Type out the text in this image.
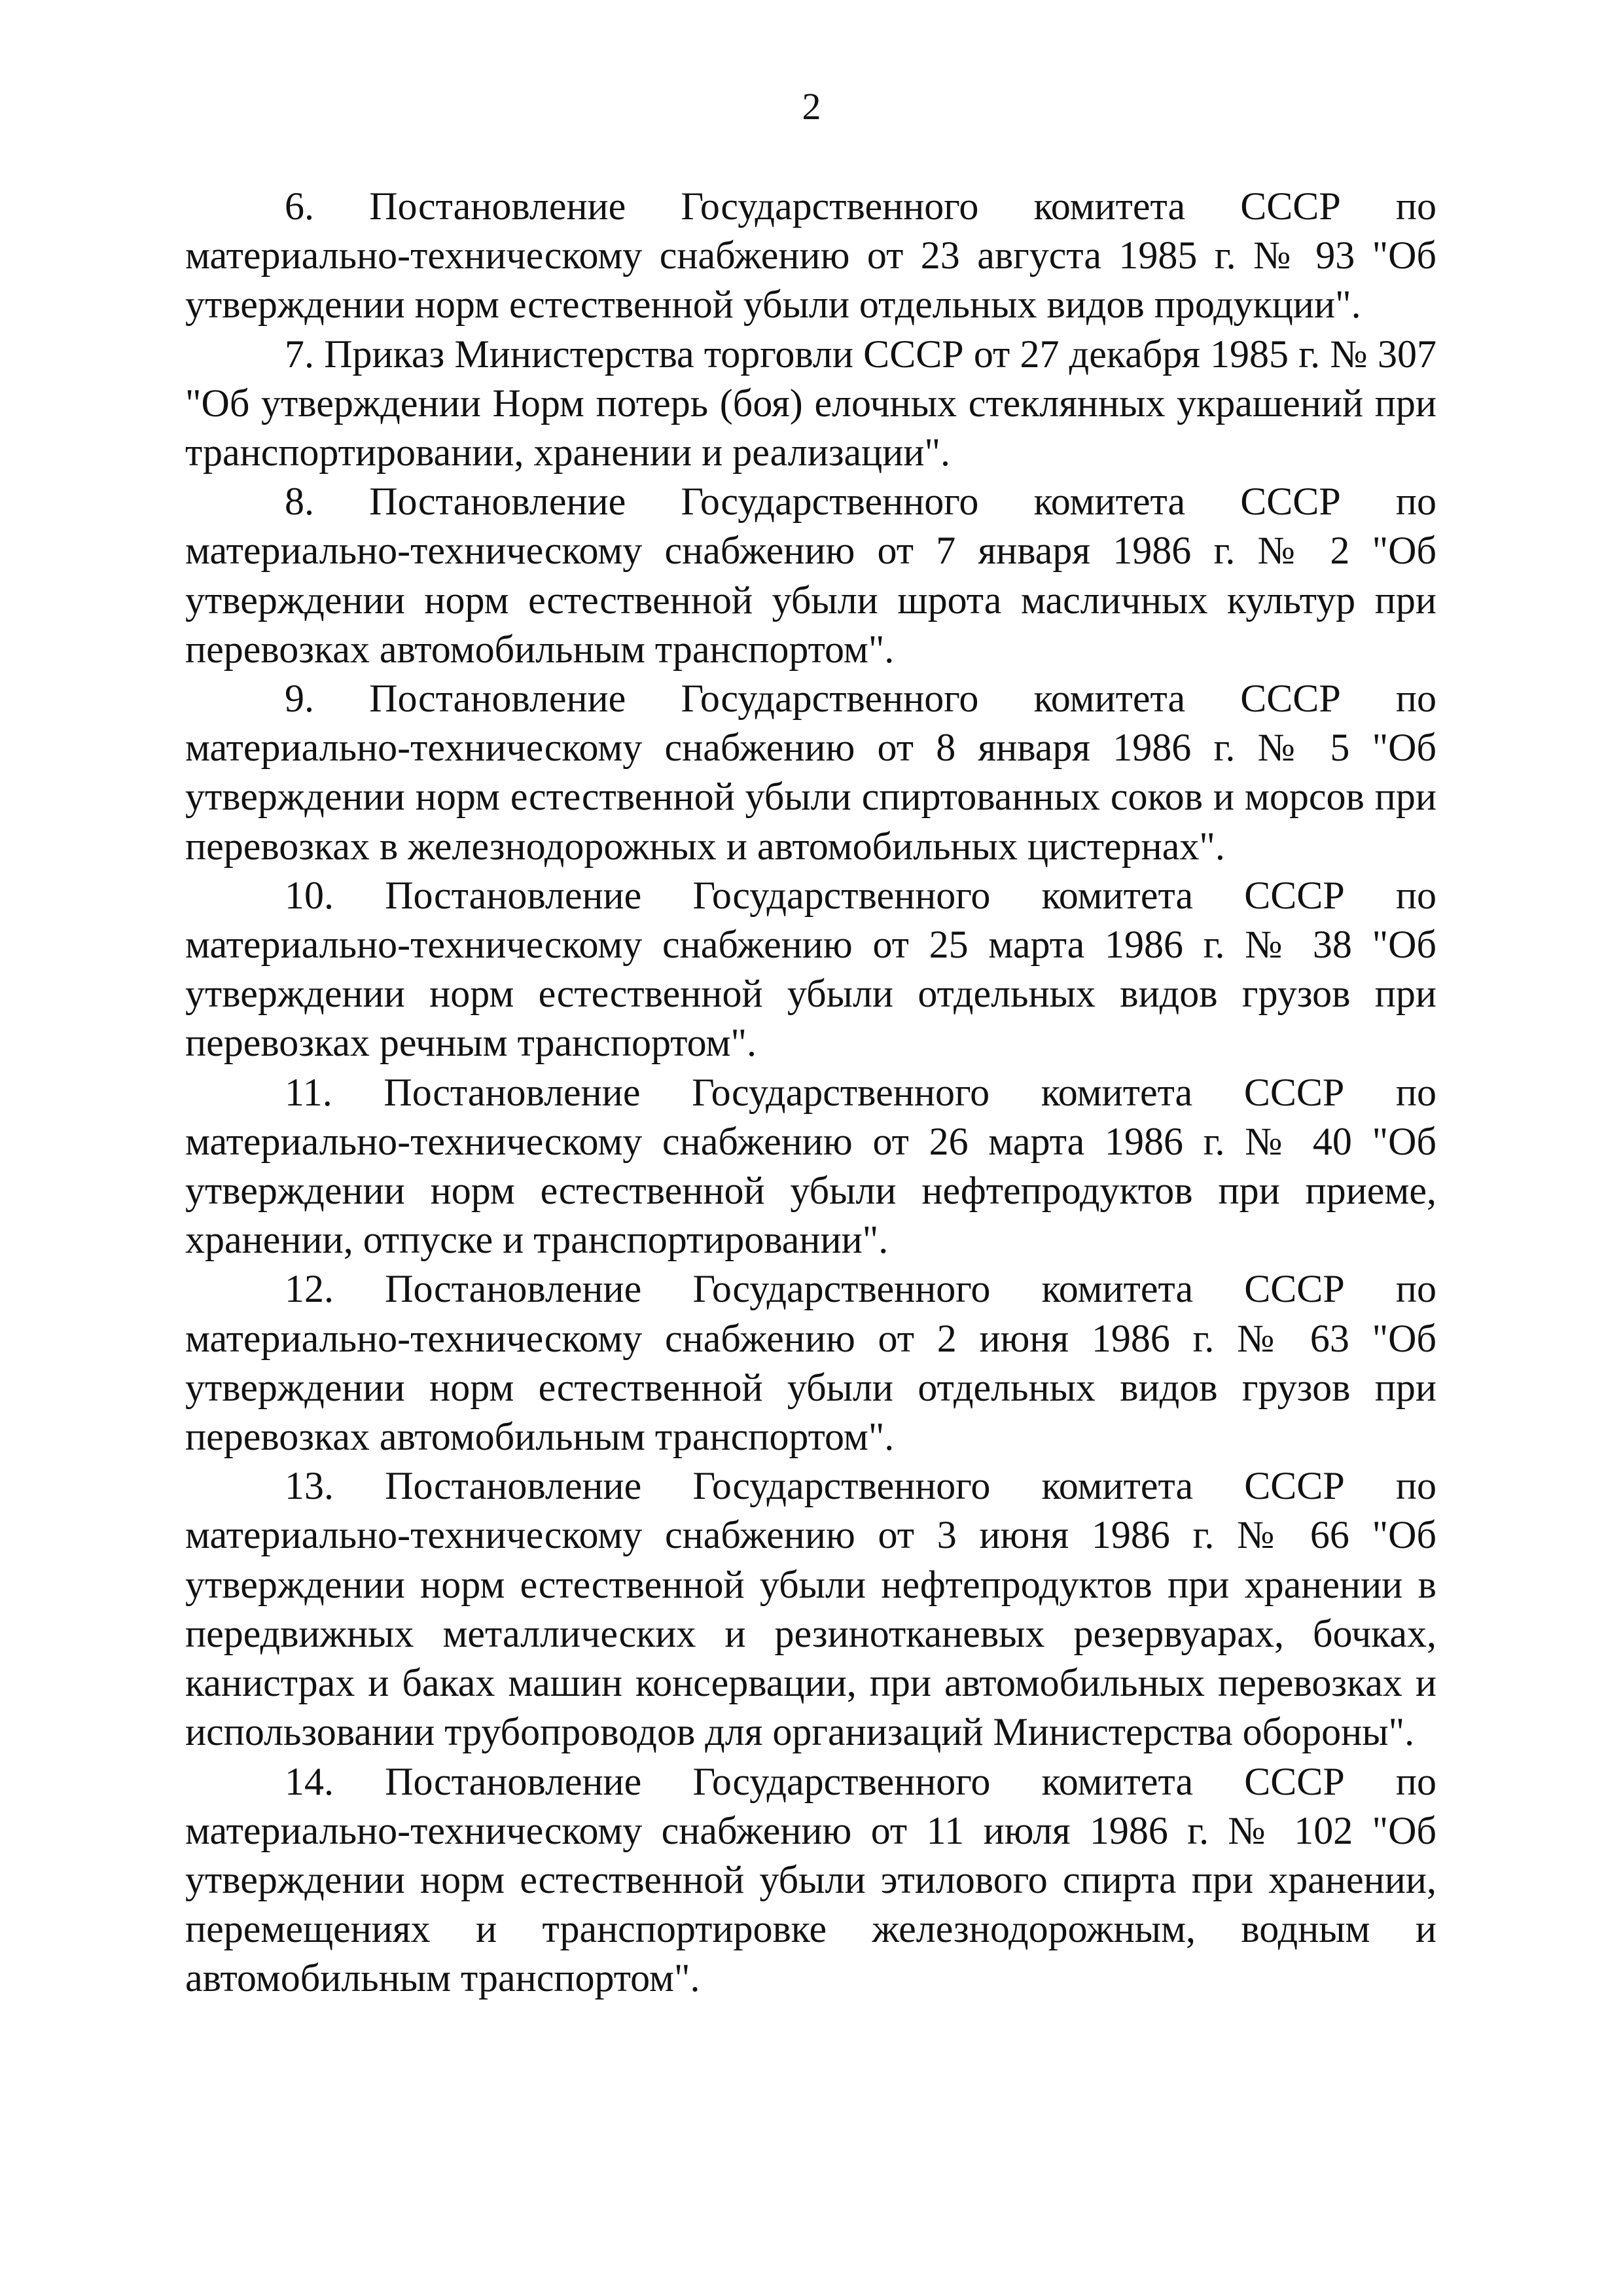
2

6. Постановление Государственного комитета СССР по материально-техническому снабжению от 23 августа 1985 г. № 93 "Об утверждении норм естественной убыли отдельных видов продукции".

7. Приказ Министерства торговли СССР от 27 декабря 1985 г. № 307 "Об утверждении Норм потерь (боя) елочных стеклянных украшений при транспортировании, хранении и реализации".

8. Постановление Государственного комитета СССР по материально-техническому снабжению от 7 января 1986 г. № 2 "Об утверждении норм естественной убыли шрота масличных культур при перевозках автомобильным транспортом".

9. Постановление Государственного комитета СССР по материально-техническому снабжению от 8 января 1986 г. № 5 "Об утверждении норм естественной убыли спиртованных соков и морсов при перевозках в железнодорожных и автомобильных цистернах".

10. Постановление Государственного комитета СССР по материально-техническому снабжению от 25 марта 1986 г. № 38 "Об утверждении норм естественной убыли отдельных видов грузов при перевозках речным транспортом".

11. Постановление Государственного комитета СССР по материально-техническому снабжению от 26 марта 1986 г. № 40 "Об утверждении норм естественной убыли нефтепродуктов при приеме, хранении, отпуске и транспортировании".

12. Постановление Государственного комитета СССР по материально-техническому снабжению от 2 июня 1986 г. № 63 "Об утверждении норм естественной убыли отдельных видов грузов при перевозках автомобильным транспортом".

13. Постановление Государственного комитета СССР по материально-техническому снабжению от 3 июня 1986 г. № 66 "Об утверждении норм естественной убыли нефтепродуктов при хранении в передвижных металлических и резинотканевых резервуарах, бочках, канистрах и баках машин консервации, при автомобильных перевозках и использовании трубопроводов для организаций Министерства обороны".

14. Постановление Государственного комитета СССР по материально-техническому снабжению от 11 июля 1986 г. № 102 "Об утверждении норм естественной убыли этилового спирта при хранении, перемещениях и транспортировке железнодорожным, водным и автомобильным транспортом".
